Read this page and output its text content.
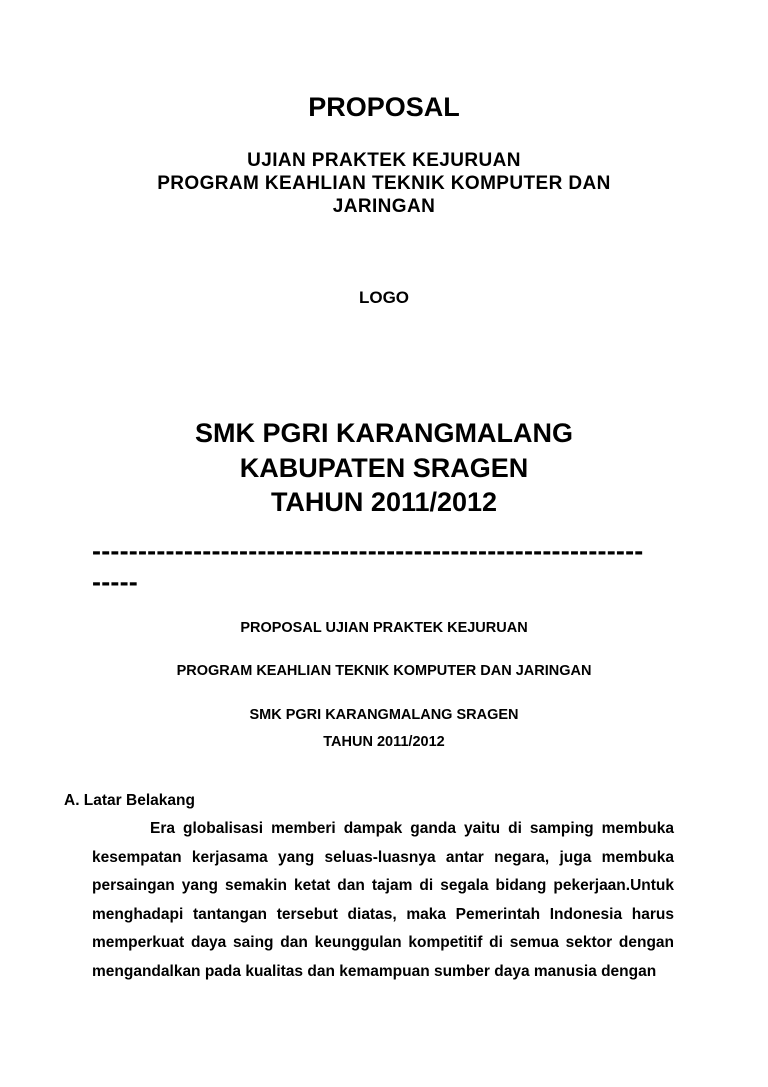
PROPOSAL
UJIAN PRAKTEK KEJURUAN
PROGRAM KEAHLIAN TEKNIK KOMPUTER DAN
JARINGAN
LOGO
SMK PGRI KARANGMALANG
KABUPATEN SRAGEN
TAHUN 2011/2012
------------------------------------------------------------
-----
PROPOSAL UJIAN PRAKTEK KEJURUAN
PROGRAM KEAHLIAN TEKNIK KOMPUTER DAN JARINGAN
SMK PGRI KARANGMALANG SRAGEN
TAHUN 2011/2012
A. Latar Belakang

Era globalisasi memberi dampak ganda yaitu di samping membuka kesempatan kerjasama yang seluas-luasnya antar negara, juga membuka persaingan yang semakin ketat dan tajam di segala bidang pekerjaan.Untuk menghadapi tantangan tersebut diatas, maka Pemerintah Indonesia harus memperkuat daya saing dan keunggulan kompetitif di semua sektor dengan mengandalkan pada kualitas dan kemampuan sumber daya manusia dengan
